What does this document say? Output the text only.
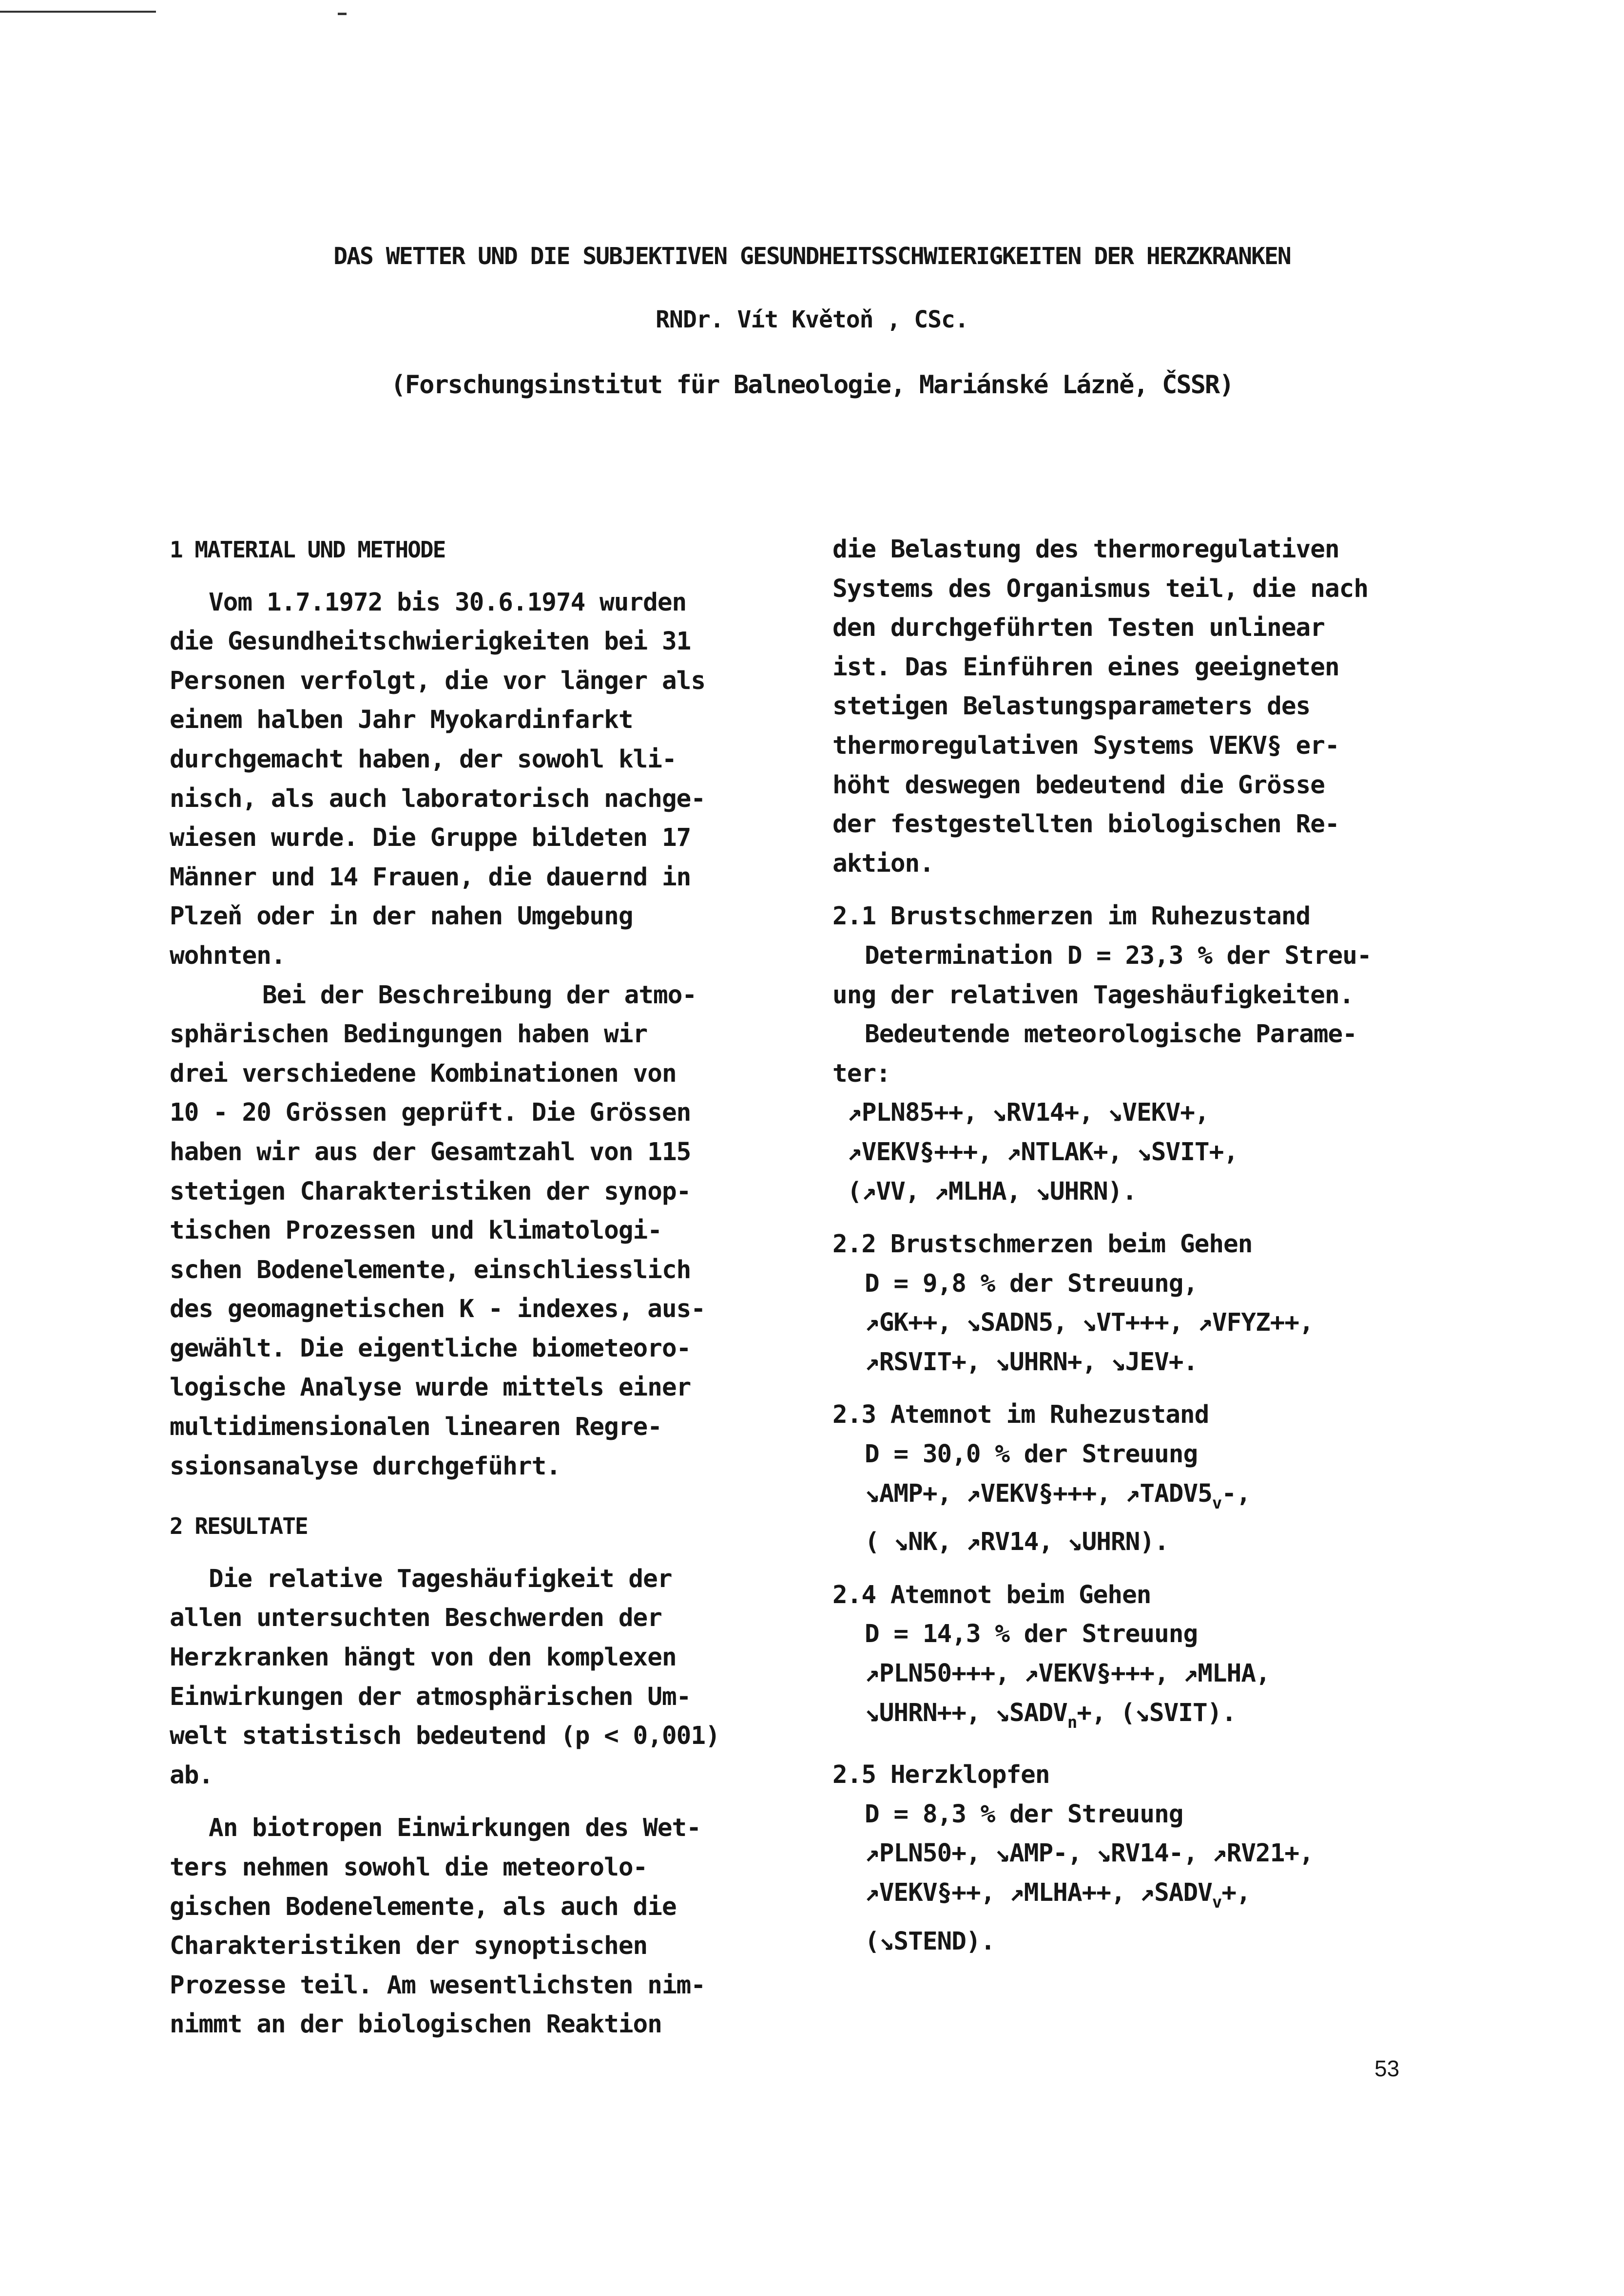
DAS WETTER UND DIE SUBJEKTIVEN GESUNDHEITSSCHWIERIGKEITEN DER HERZKRANKEN
RNDr. Vít Květoň , CSc.
(Forschungsinstitut für Balneologie, Mariánské Lázně, ČSSR)

1 MATERIAL UND METHODE

Vom 1.7.1972 bis 30.6.1974 wurden

die Gesundheitschwierigkeiten bei 31

Personen verfolgt, die vor länger als

einem halben Jahr Myokardinfarkt

durchgemacht haben, der sowohl kli-

nisch, als auch laboratorisch nachge-

wiesen wurde. Die Gruppe bildeten 17

Männer und 14 Frauen, die dauernd in

Plzeň oder in der nahen Umgebung

wohnten.

Bei der Beschreibung der atmo-

sphärischen Bedingungen haben wir

drei verschiedene Kombinationen von

10 - 20 Grössen geprüft. Die Grössen

haben wir aus der Gesamtzahl von 115

stetigen Charakteristiken der synop-

tischen Prozessen und klimatologi-

schen Bodenelemente, einschliesslich

des geomagnetischen K - indexes, aus-

gewählt. Die eigentliche biometeoro-

logische Analyse wurde mittels einer

multidimensionalen linearen Regre-

ssionsanalyse durchgeführt.

2 RESULTATE

Die relative Tageshäufigkeit der

allen untersuchten Beschwerden der

Herzkranken hängt von den komplexen

Einwirkungen der atmosphärischen Um-

welt statistisch bedeutend (p < 0,001)

ab.

An biotropen Einwirkungen des Wet-

ters nehmen sowohl die meteorolo-

gischen Bodenelemente, als auch die

Charakteristiken der synoptischen

Prozesse teil. Am wesentlichsten nim-

nimmt an der biologischen Reaktion

die Belastung des thermoregulativen

Systems des Organismus teil, die nach

den durchgeführten Testen unlinear

ist. Das Einführen eines geeigneten

stetigen Belastungsparameters des

thermoregulativen Systems VEKV§ er-

höht deswegen bedeutend die Grösse

der festgestellten biologischen Re-

aktion.

2.1 Brustschmerzen im Ruhezustand

Determination D = 23,3 % der Streu-

ung der relativen Tageshäufigkeiten.

Bedeutende meteorologische Parame-

ter:

↗PLN85++, ↘RV14+, ↘VEKV+,

↗VEKV§+++, ↗NTLAK+, ↘SVIT+,

(↗VV, ↗MLHA, ↘UHRN).

2.2 Brustschmerzen beim Gehen

D = 9,8 % der Streuung,

↗GK++, ↘SADN5, ↘VT+++, ↗VFYZ++,

↗RSVIT+, ↘UHRN+, ↘JEV+.

2.3 Atemnot im Ruhezustand

D = 30,0 % der Streuung

↘AMP+, ↗VEKV§+++, $↗TADV5_v-$,

( ↘NK, ↗RV14, ↘UHRN).

2.4 Atemnot beim Gehen

D = 14,3 % der Streuung

↗PLN50+++, ↗VEKV§+++, ↗MLHA,

↘UHRN++, $↘SADV_n+$, (↘SVIT).

2.5 Herzklopfen

D = 8,3 % der Streuung

↗PLN50+, ↘AMP-, ↘RV14-, ↗RV21+,

↗VEKV§++, ↗MLHA++, $↗SADV_v+$,

(↘STEND).

53
